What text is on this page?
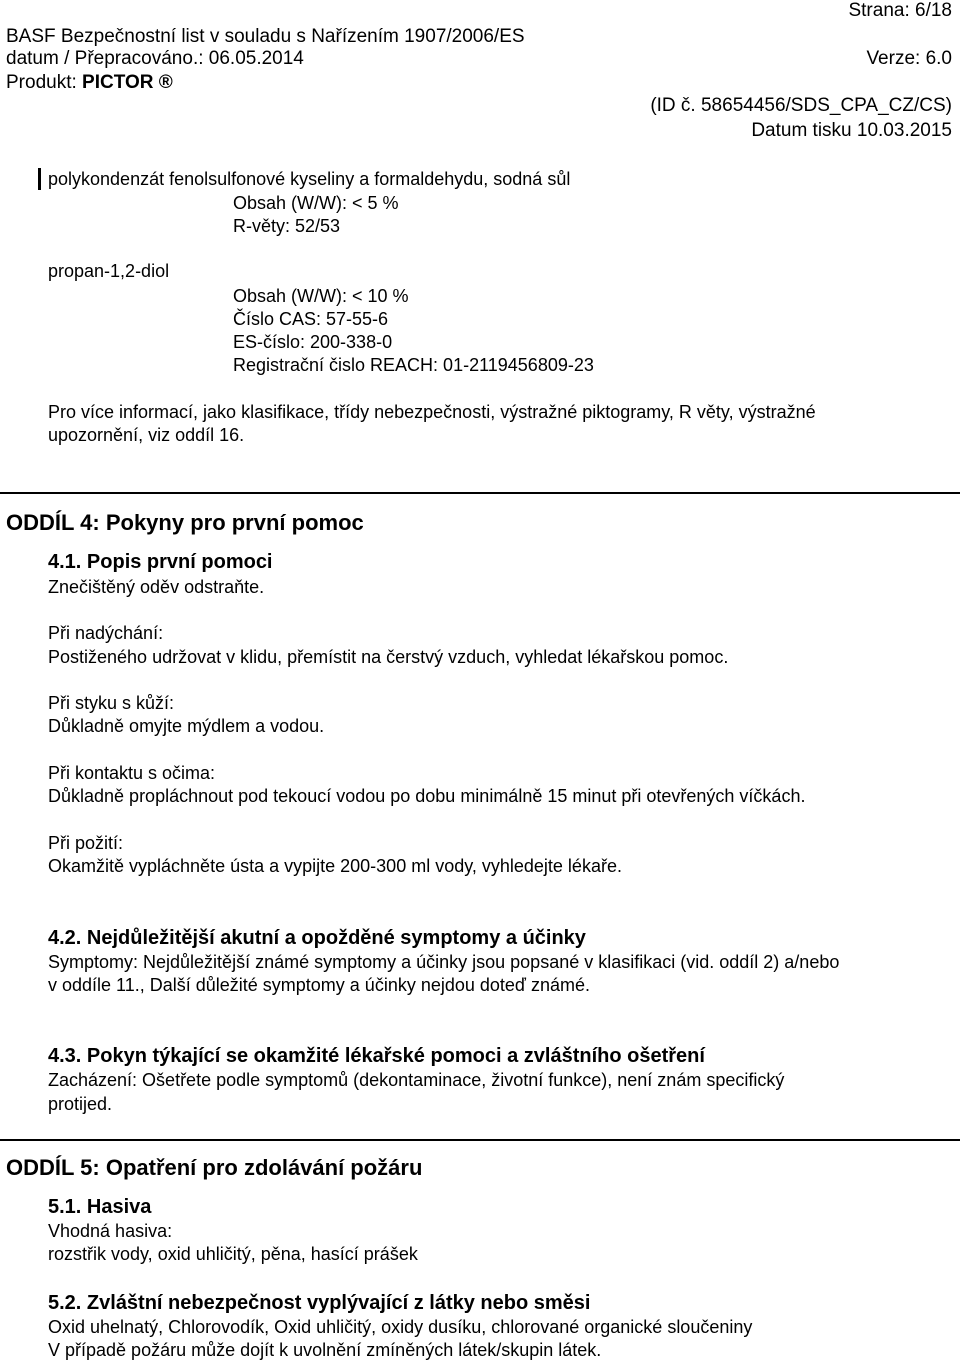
Strana: 6/18
BASF Bezpečnostní list v souladu s Nařízením 1907/2006/ES
datum / Přepracováno.: 06.05.2014	Verze: 6.0
Produkt: PICTOR ®
(ID č. 58654456/SDS_CPA_CZ/CS)
Datum tisku 10.03.2015
polykondenzát fenolsulfonové kyseliny a formaldehydu, sodná sůl
Obsah (W/W): < 5 %
R-věty: 52/53
propan-1,2-diol
Obsah (W/W): < 10 %
Číslo CAS: 57-55-6
ES-číslo: 200-338-0
Registrační čislo REACH: 01-2119456809-23
Pro více informací, jako klasifikace, třídy nebezpečnosti, výstražné piktogramy, R věty, výstražné
upozornění, viz oddíl 16.
ODDÍL 4: Pokyny pro první pomoc
4.1. Popis první pomoci
Znečištěný oděv odstraňte.
Při nadýchání:
Postiženého udržovat v klidu, přemístit na čerstvý vzduch, vyhledat lékařskou pomoc.
Při styku s kůží:
Důkladně omyjte mýdlem a vodou.
Při kontaktu s očima:
Důkladně propláchnout pod tekoucí vodou po dobu minimálně 15 minut při otevřených víčkách.
Při požití:
Okamžitě vypláchněte ústa a vypijte 200-300 ml vody, vyhledejte lékaře.
4.2. Nejdůležitější akutní a opožděné symptomy a účinky
Symptomy: Nejdůležitější známé symptomy a účinky jsou popsané v klasifikaci (vid. oddíl 2) a/nebo
v oddíle 11., Další důležité symptomy a účinky nejdou doteď známé.
4.3. Pokyn týkající se okamžité lékařské pomoci a zvláštního ošetření
Zacházení: Ošetřete podle symptomů (dekontaminace, životní funkce), není znám specifický
protijed.
ODDÍL 5: Opatření pro zdolávání požáru
5.1. Hasiva
Vhodná hasiva:
rozstřik vody, oxid uhličitý, pěna, hasící prášek
5.2. Zvláštní nebezpečnost vyplývající z látky nebo směsi
Oxid uhelnatý, Chlorovodík, Oxid uhličitý, oxidy dusíku, chlorované organické sloučeniny
V případě požáru může dojít k uvolnění zmíněných látek/skupin látek.
